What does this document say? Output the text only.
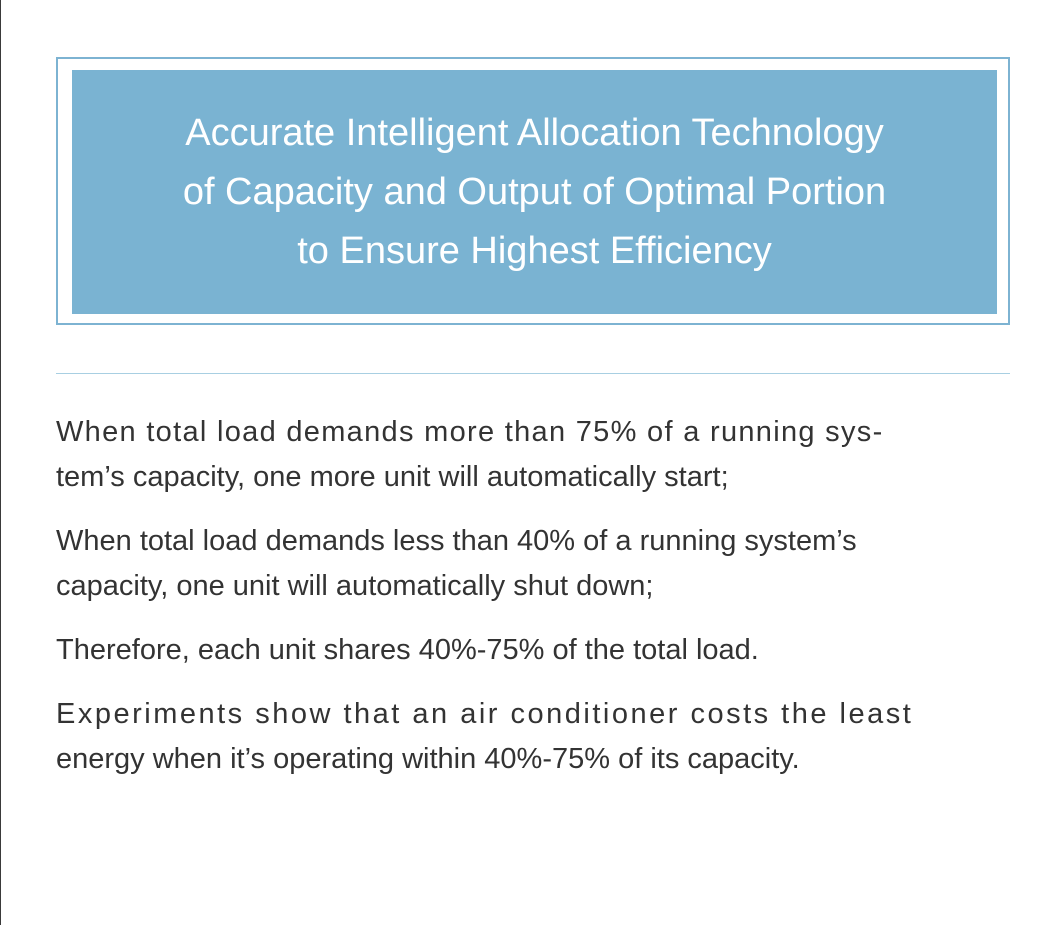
Accurate Intelligent Allocation Technology
of Capacity and Output of Optimal Portion
to Ensure Highest Efficiency

When total load demands more than 75% of a running sys-
tem’s capacity, one more unit will automatically start;

When total load demands less than 40% of a running system’s
capacity, one unit will automatically shut down;

Therefore, each unit shares 40%-75% of the total load.

Experiments show that an air conditioner costs the least
energy when it’s operating within 40%-75% of its capacity.
